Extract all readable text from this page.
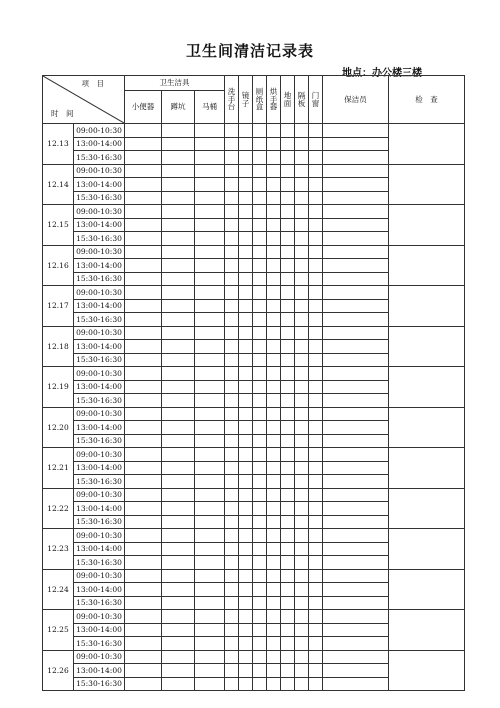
卫生间清洁记录表
地点：办公楼三楼
项　目
时　间		卫生洁具			洗
手
台	镜
子	厕
纸
盒	烘
手
器	地
面	隔
板	门
窗	保洁员	检　查
		小便器	蹲坑	马桶									
12.13	09:00-10:30												
	13:00-14:00												
	15:30-16:30												
12.14	09:00-10:30												
	13:00-14:00												
	15:30-16:30												
12.15	09:00-10:30												
	13:00-14:00												
	15:30-16:30												
12.16	09:00-10:30												
	13:00-14:00												
	15:30-16:30												
12.17	09:00-10:30												
	13:00-14:00												
	15:30-16:30												
12.18	09:00-10:30												
	13:00-14:00												
	15:30-16:30												
12.19	09:00-10:30												
	13:00-14:00												
	15:30-16:30												
12.20	09:00-10:30												
	13:00-14:00												
	15:30-16:30												
12.21	09:00-10:30												
	13:00-14:00												
	15:30-16:30												
12.22	09:00-10:30												
	13:00-14:00												
	15:30-16:30												
12.23	09:00-10:30												
	13:00-14:00												
	15:30-16:30												
12.24	09:00-10:30												
	13:00-14:00												
	15:30-16:30												
12.25	09:00-10:30												
	13:00-14:00												
	15:30-16:30												
12.26	09:00-10:30												
	13:00-14:00												
	15:30-16:30												
